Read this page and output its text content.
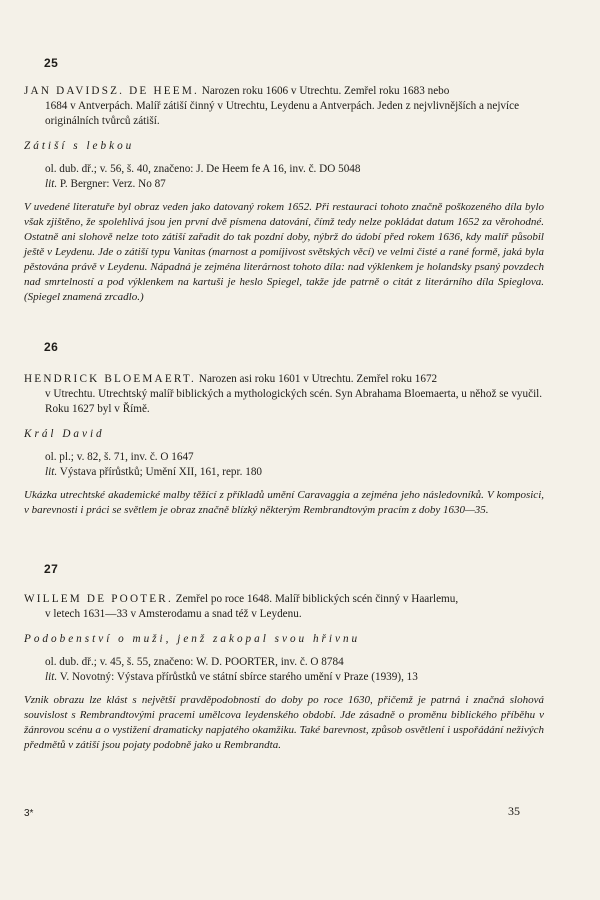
25

JAN DAVIDSZ. DE HEEM. Narozen roku 1606 v Utrechtu. Zemřel roku 1683 nebo
1684 v Antverpách. Malíř zátiší činný v Utrechtu, Leydenu a Antverpách. Jeden z nejvlivnějších a nejvíce originálních tvůrců zátiší.

Zátiší s lebkou
ol. dub. dř.; v. 56, š. 40, značeno: J. De Heem fe A 16, inv. č. DO 5048
lit. P. Bergner: Verz. No 87

V uvedené literatuře byl obraz veden jako datovaný rokem 1652. Při restauraci tohoto značně poškozeného díla bylo však zjištěno, že spolehlivá jsou jen první dvě písmena datování, čímž tedy nelze pokládat datum 1652 za věrohodné. Ostatně ani slohově nelze toto zátiší zařadit do tak pozdní doby, nýbrž do údobí před rokem 1636, kdy malíř působil ještě v Leydenu. Jde o zátiší typu Vanitas (marnost a pomíjivost světských věcí) ve velmi čisté a rané formě, jaká byla pěstována právě v Leydenu. Nápadná je zejména literárnost tohoto díla: nad výklenkem je holandsky psaný povzdech nad smrtelností a pod výklenkem na kartuši je heslo Spiegel, takže jde patrně o citát z literárního díla Spieglova. (Spiegel znamená zrcadlo.)

26

HENDRICK BLOEMAERT. Narozen asi roku 1601 v Utrechtu. Zemřel roku 1672
v Utrechtu. Utrechtský malíř biblických a mythologických scén. Syn Abrahama Bloemaerta, u něhož se vyučil. Roku 1627 byl v Římě.

Král David
ol. pl.; v. 82, š. 71, inv. č. O 1647
lit. Výstava přírůstků; Umění XII, 161, repr. 180

Ukázka utrechtské akademické malby těžící z příkladů umění Caravaggia a zejména jeho následovníků. V komposici, v barevnosti i práci se světlem je obraz značně blízký některým Rembrandtovým pracím z doby 1630—35.

27

WILLEM DE POOTER. Zemřel po roce 1648. Malíř biblických scén činný v Haarlemu,
v letech 1631—33 v Amsterodamu a snad též v Leydenu.

Podobenství o muži, jenž zakopal svou hřivnu
ol. dub. dř.; v. 45, š. 55, značeno: W. D. POORTER, inv. č. O 8784
lit. V. Novotný: Výstava přírůstků ve státní sbírce starého umění v Praze (1939), 13

Vznik obrazu lze klást s největší pravděpodobností do doby po roce 1630, přičemž je patrná i značná slohová souvislost s Rembrandtovými pracemi umělcova leydenského období. Jde zásadně o proměnu biblického příběhu v žánrovou scénu a o vystižení dramaticky napjatého okamžiku. Také barevnost, způsob osvětlení i uspořádání neživých předmětů v zátiší jsou pojaty podobně jako u Rembrandta.

3*	35
